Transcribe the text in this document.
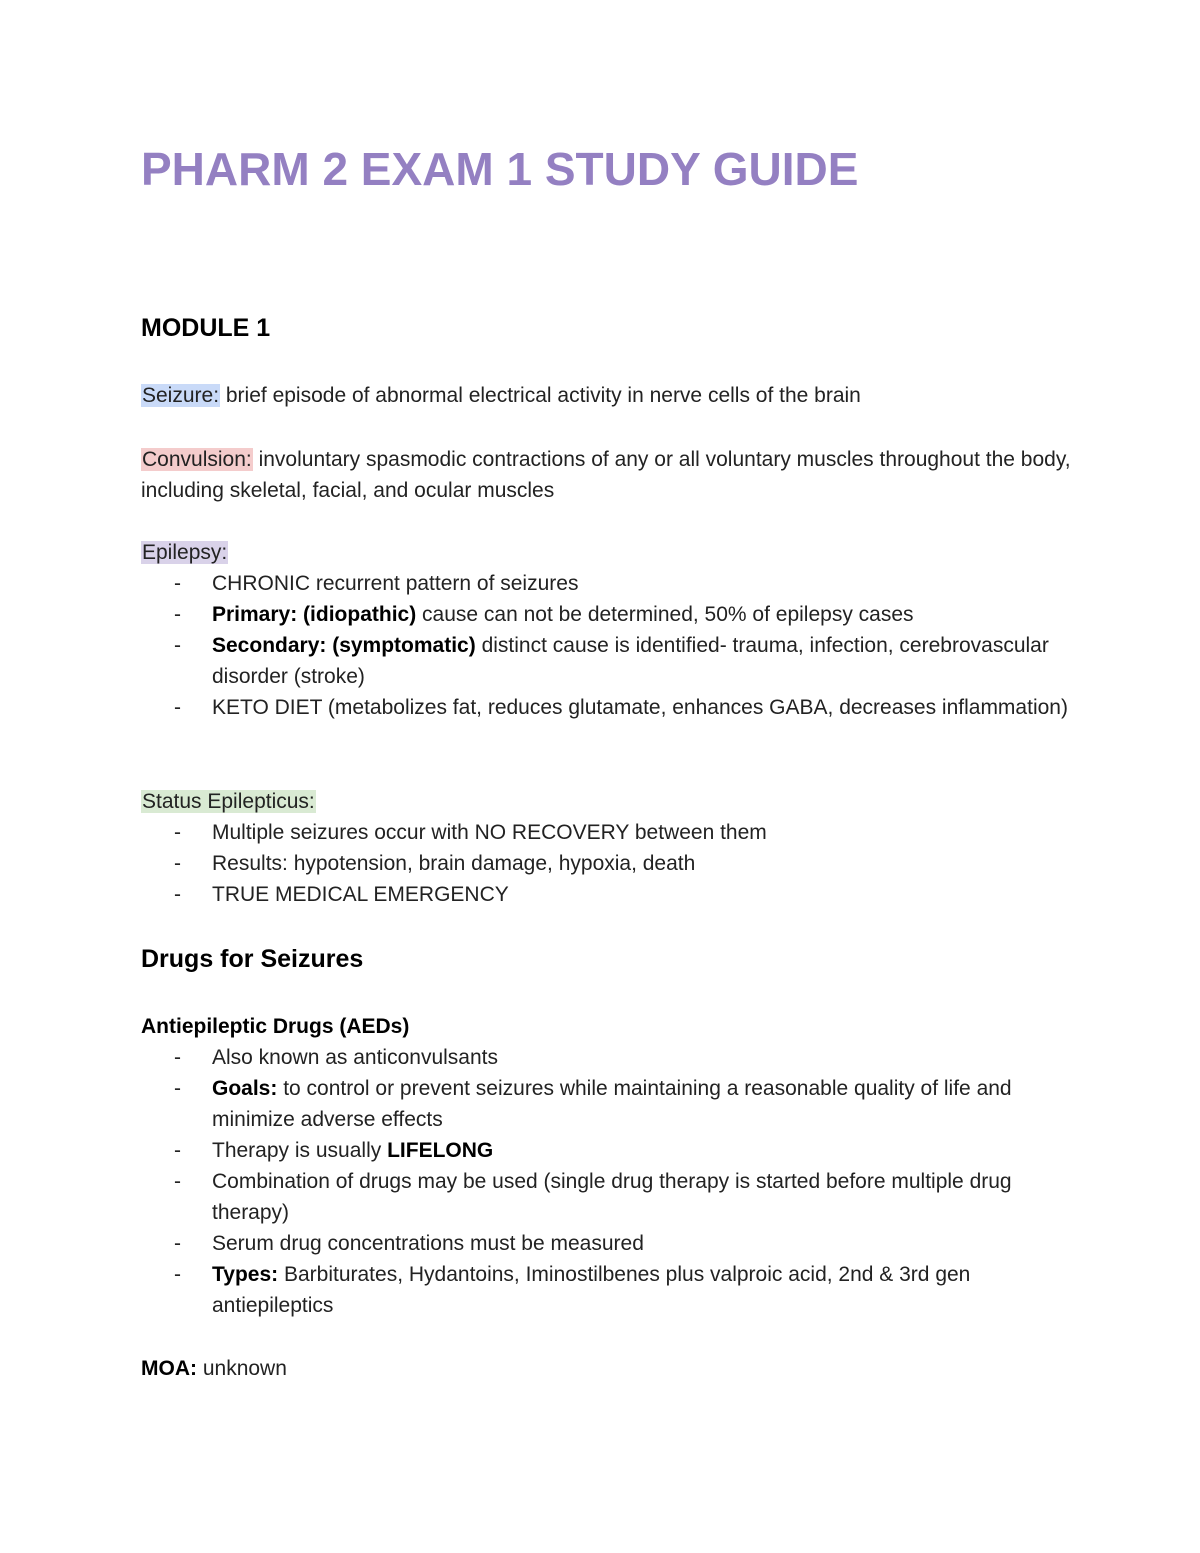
PHARM 2 EXAM 1 STUDY GUIDE
MODULE 1

Seizure: brief episode of abnormal electrical activity in nerve cells of the brain

Convulsion: involuntary spasmodic contractions of any or all voluntary muscles throughout the body, including skeletal, facial, and ocular muscles

Epilepsy:

- CHRONIC recurrent pattern of seizures
- Primary: (idiopathic) cause can not be determined, 50% of epilepsy cases
- Secondary: (symptomatic) distinct cause is identified- trauma, infection, cerebrovascular disorder (stroke)
- KETO DIET (metabolizes fat, reduces glutamate, enhances GABA, decreases inflammation)

Status Epilepticus:

- Multiple seizures occur with NO RECOVERY between them
- Results: hypotension, brain damage, hypoxia, death
- TRUE MEDICAL EMERGENCY
Drugs for Seizures

Antiepileptic Drugs (AEDs)

- Also known as anticonvulsants
- Goals: to control or prevent seizures while maintaining a reasonable quality of life and minimize adverse effects
- Therapy is usually LIFELONG
- Combination of drugs may be used (single drug therapy is started before multiple drug therapy)
- Serum drug concentrations must be measured
- Types: Barbiturates, Hydantoins, Iminostilbenes plus valproic acid, 2nd & 3rd gen antiepileptics

MOA: unknown
